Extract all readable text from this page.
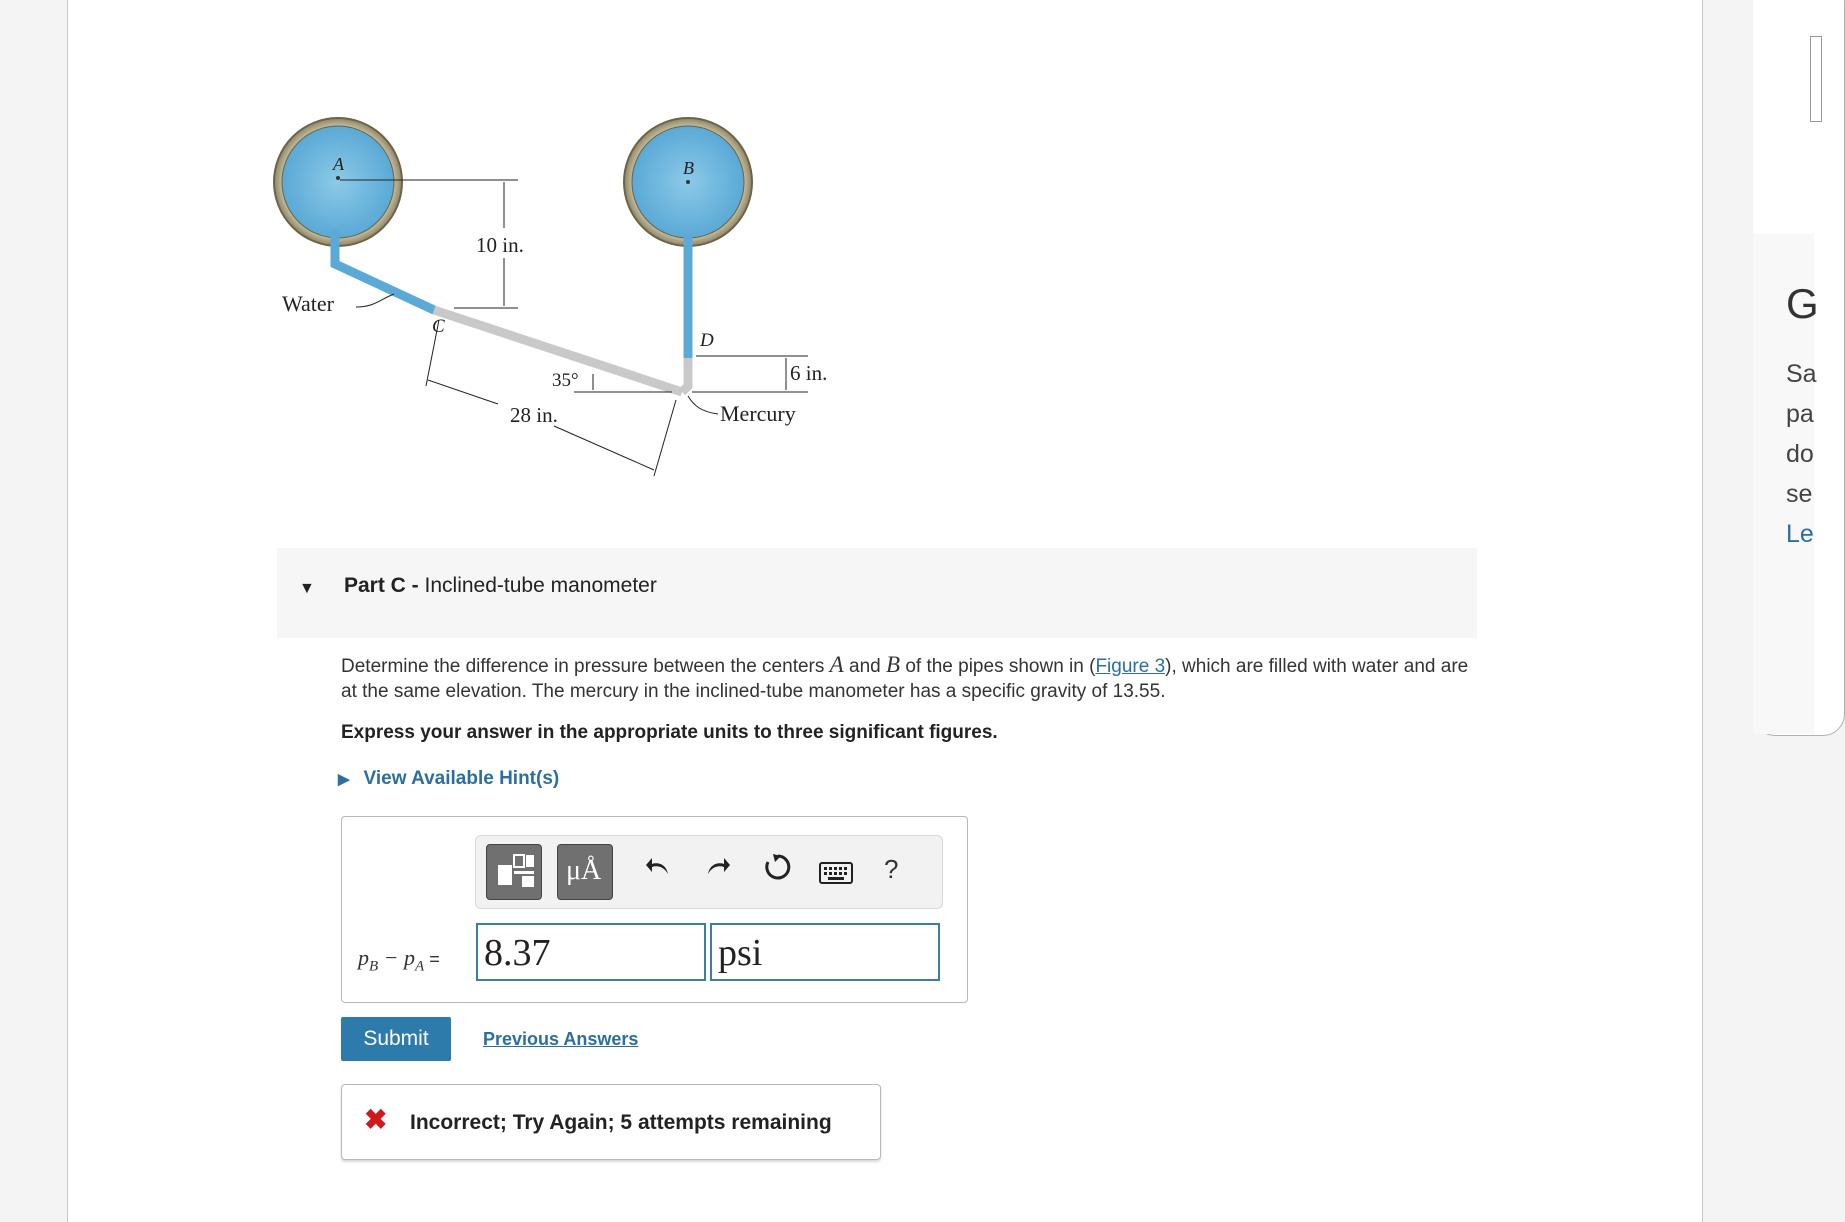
A	B
10 in.
Water
C
28 in.
35°
D
6 in.
Mercury
▼ Part C - Inclined-tube manometer
Determine the difference in pressure between the centers A and B of the pipes shown in (Figure 3), which are filled with water and are at the same elevation. The mercury in the inclined-tube manometer has a specific gravity of 13.55.
Express your answer in the appropriate units to three significant figures.
▶ View Available Hint(s)
μÅ	?
$p_B - p_A = 8.37$	psi
Submit	Previous Answers
✖ Incorrect; Try Again; 5 attempts remaining
G
Sa
pa
do
se
Le
